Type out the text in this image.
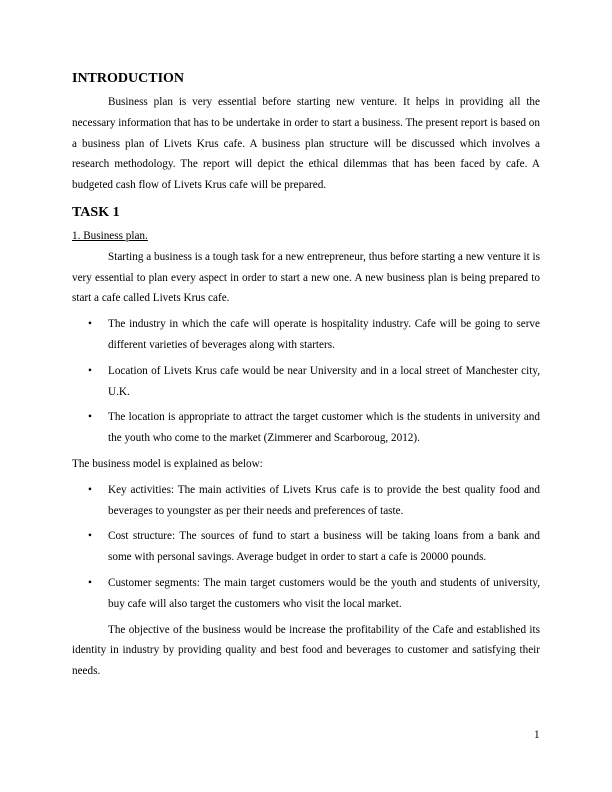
INTRODUCTION

Business plan is very essential before starting new venture. It helps in providing all the necessary information that has to be undertake in order to start a business. The present report is based on a business plan of Livets Krus cafe. A business plan structure will be discussed which involves a research methodology. The report will depict the ethical dilemmas that has been faced by cafe. A budgeted cash flow of Livets Krus cafe will be prepared.

TASK 1

1. Business plan.

Starting a business is a tough task for a new entrepreneur, thus before starting a new venture it is very essential to plan every aspect in order to start a new one. A new business plan is being prepared to start a cafe called Livets Krus cafe.

• The industry in which the cafe will operate is hospitality industry. Cafe will be going to serve different varieties of beverages along with starters.
• Location of Livets Krus cafe would be near University and in a local street of Manchester city, U.K.
• The location is appropriate to attract the target customer which is the students in university and the youth who come to the market (Zimmerer and Scarboroug, 2012).

The business model is explained as below:

• Key activities: The main activities of Livets Krus cafe is to provide the best quality food and beverages to youngster as per their needs and preferences of taste.
• Cost structure: The sources of fund to start a business will be taking loans from a bank and some with personal savings. Average budget in order to start a cafe is 20000 pounds.
• Customer segments: The main target customers would be the youth and students of university, buy cafe will also target the customers who visit the local market.

The objective of the business would be increase the profitability of the Cafe and established its identity in industry by providing quality and best food and beverages to customer and satisfying their needs.

1
